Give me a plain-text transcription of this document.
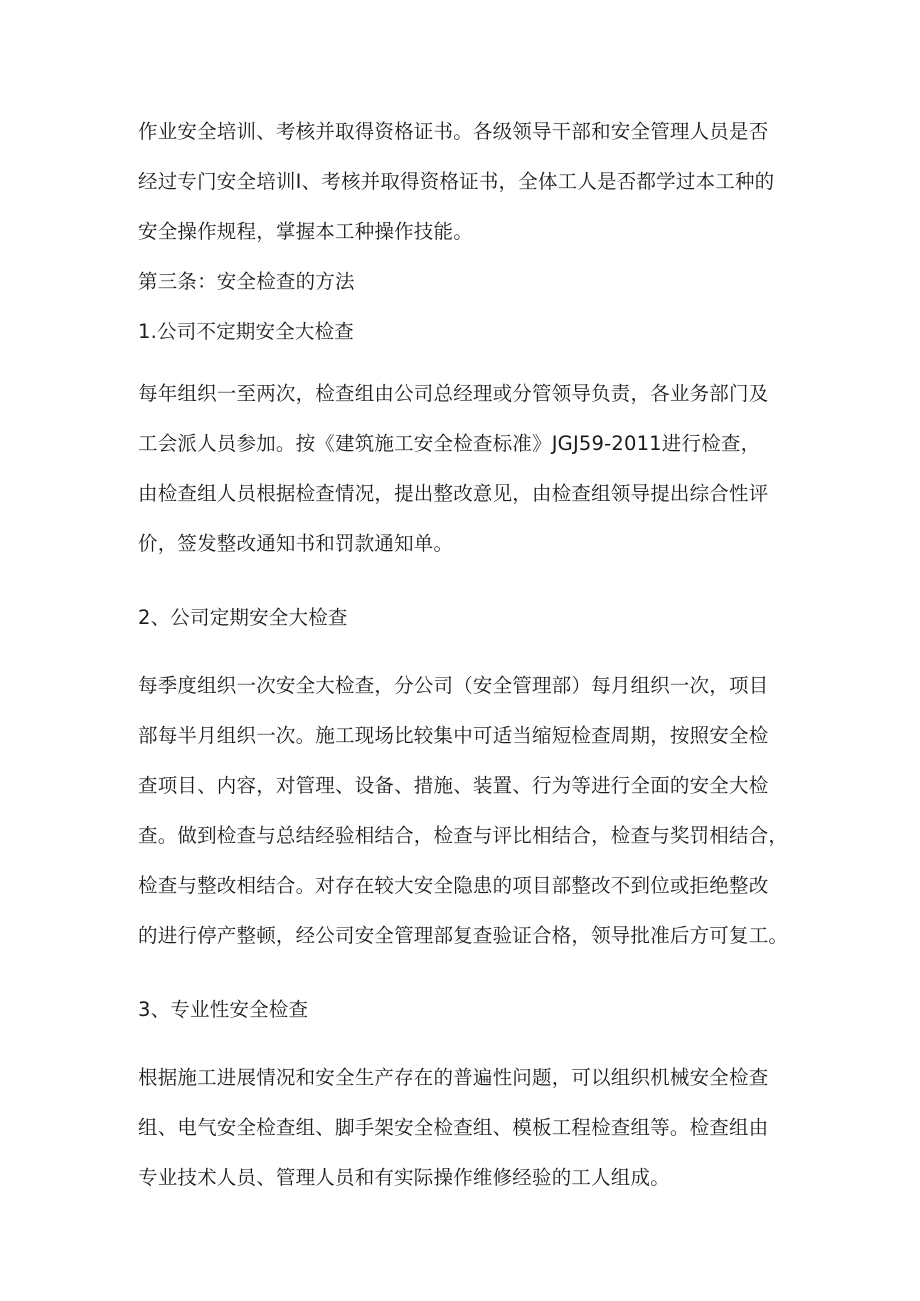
作业安全培训、考核并取得资格证书。各级领导干部和安全管理人员是否
经过专门安全培训I、考核并取得资格证书，全体工人是否都学过本工种的
安全操作规程，掌握本工种操作技能。
第三条：安全检查的方法
1.公司不定期安全大检查
每年组织一至两次，检查组由公司总经理或分管领导负责，各业务部门及
工会派人员参加。按《建筑施工安全检查标准》JGJ59-2011进行检查，
由检查组人员根据检查情况，提出整改意见，由检查组领导提出综合性评
价，签发整改通知书和罚款通知单。
2、公司定期安全大检查
每季度组织一次安全大检查，分公司（安全管理部）每月组织一次，项目
部每半月组织一次。施工现场比较集中可适当缩短检查周期，按照安全检
查项目、内容，对管理、设备、措施、装置、行为等进行全面的安全大检
查。做到检查与总结经验相结合，检查与评比相结合，检查与奖罚相结合，
检查与整改相结合。对存在较大安全隐患的项目部整改不到位或拒绝整改
的进行停产整顿，经公司安全管理部复查验证合格，领导批准后方可复工。
3、专业性安全检查
根据施工进展情况和安全生产存在的普遍性问题，可以组织机械安全检查
组、电气安全检查组、脚手架安全检查组、模板工程检查组等。检查组由
专业技术人员、管理人员和有实际操作维修经验的工人组成。
